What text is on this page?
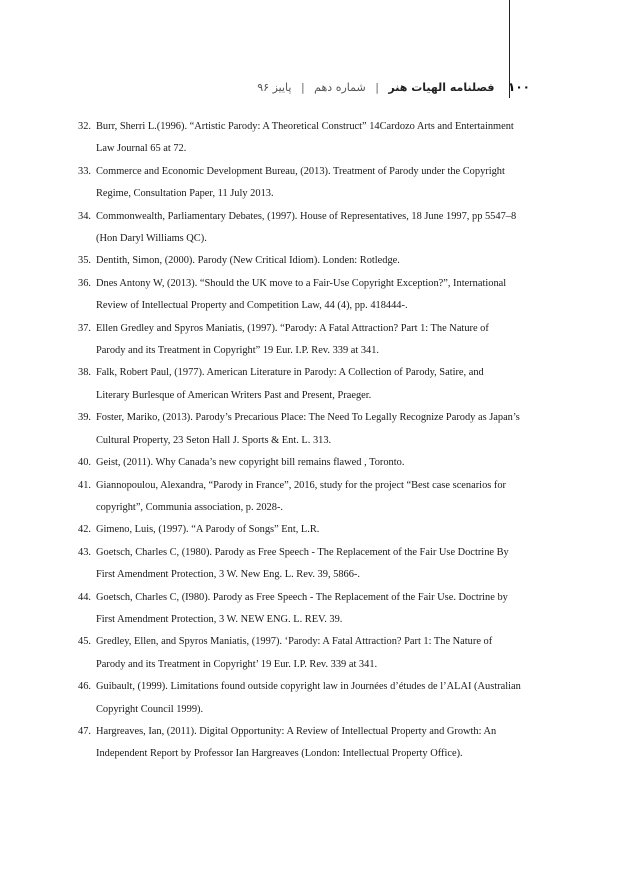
١٠٠ فصلنامه الهیات هنر | شماره دهم | پاییز ۹۶
32. Burr, Sherri L.(1996). “Artistic Parody: A Theoretical Construct” 14Cardozo Arts and Entertainment
Law Journal 65 at 72.
33. Commerce and Economic Development Bureau, (2013). Treatment of Parody under the Copyright
Regime, Consultation Paper, 11 July 2013.
34. Commonwealth, Parliamentary Debates, (1997). House of Representatives, 18 June 1997, pp 5547–8
(Hon Daryl Williams QC).
35. Dentith, Simon, (2000). Parody (New Critical Idiom). Londen: Rotledge.
36. Dnes Antony W, (2013). “Should the UK move to a Fair-Use Copyright Exception?”, International
Review of Intellectual Property and Competition Law, 44 (4), pp. 418444-.
37. Ellen Gredley and Spyros Maniatis, (1997). “Parody: A Fatal Attraction? Part 1: The Nature of
Parody and its Treatment in Copyright” 19 Eur. I.P. Rev. 339 at 341.
38. Falk, Robert Paul, (1977). American Literature in Parody: A Collection of Parody, Satire, and
Literary Burlesque of American Writers Past and Present, Praeger.
39. Foster, Mariko, (2013). Parody’s Precarious Place: The Need To Legally Recognize Parody as Japan’s
Cultural Property, 23 Seton Hall J. Sports & Ent. L. 313.
40. Geist, (2011). Why Canada’s new copyright bill remains flawed , Toronto.
41. Giannopoulou, Alexandra, “Parody in France”, 2016, study for the project “Best case scenarios for
copyright”, Communia association, p. 2028-.
42. Gimeno, Luis, (1997). “A Parody of Songs” Ent, L.R.
43. Goetsch, Charles C, (1980). Parody as Free Speech - The Replacement of the Fair Use Doctrine By
First Amendment Protection, 3 W. New Eng. L. Rev. 39, 5866-.
44. Goetsch, Charles C, (I980). Parody as Free Speech - The Replacement of the Fair Use. Doctrine by
First Amendment Protection, 3 W. NEW ENG. L. REV. 39.
45. Gredley, Ellen, and Spyros Maniatis, (1997). ‘Parody: A Fatal Attraction? Part 1: The Nature of
Parody and its Treatment in Copyright’ 19 Eur. I.P. Rev. 339 at 341.
46. Guibault, (1999). Limitations found outside copyright law in Journées d’études de l’ALAI (Australian
Copyright Council 1999).
47. Hargreaves, Ian, (2011). Digital Opportunity: A Review of Intellectual Property and Growth: An
Independent Report by Professor Ian Hargreaves (London: Intellectual Property Office).
